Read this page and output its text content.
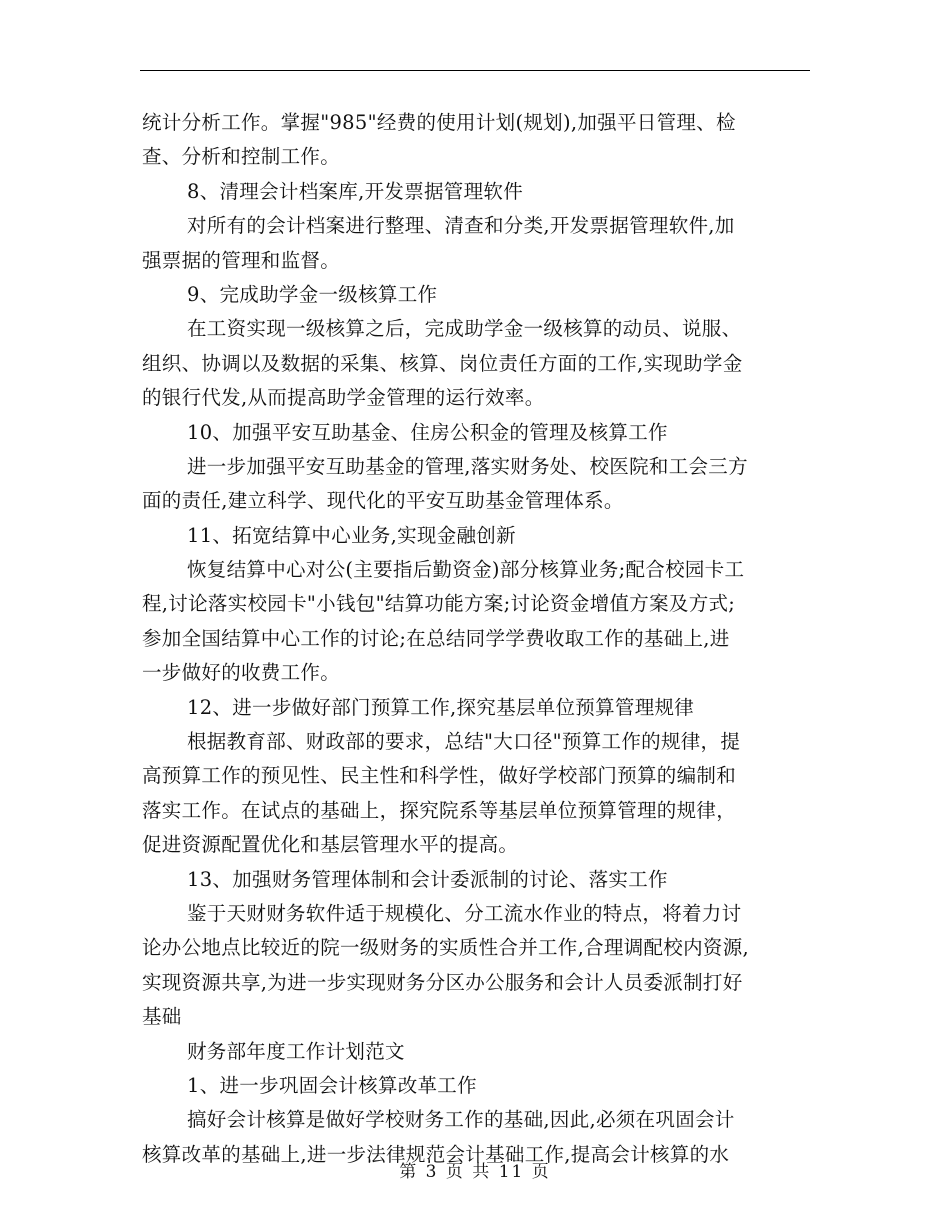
统计分析工作。掌握"985"经费的使用计划(规划),加强平日管理、检
查、分析和控制工作。
8、清理会计档案库,开发票据管理软件
对所有的会计档案进行整理、清查和分类,开发票据管理软件,加
强票据的管理和监督。
9、完成助学金一级核算工作
在工资实现一级核算之后，完成助学金一级核算的动员、说服、
组织、协调以及数据的采集、核算、岗位责任方面的工作,实现助学金
的银行代发,从而提高助学金管理的运行效率。
10、加强平安互助基金、住房公积金的管理及核算工作
进一步加强平安互助基金的管理,落实财务处、校医院和工会三方
面的责任,建立科学、现代化的平安互助基金管理体系。
11、拓宽结算中心业务,实现金融创新
恢复结算中心对公(主要指后勤资金)部分核算业务;配合校园卡工
程,讨论落实校园卡"小钱包"结算功能方案;讨论资金增值方案及方式;
参加全国结算中心工作的讨论;在总结同学学费收取工作的基础上,进
一步做好的收费工作。
12、进一步做好部门预算工作,探究基层单位预算管理规律
根据教育部、财政部的要求，总结"大口径"预算工作的规律，提
高预算工作的预见性、民主性和科学性，做好学校部门预算的编制和
落实工作。在试点的基础上，探究院系等基层单位预算管理的规律，
促进资源配置优化和基层管理水平的提高。
13、加强财务管理体制和会计委派制的讨论、落实工作
鉴于天财财务软件适于规模化、分工流水作业的特点，将着力讨
论办公地点比较近的院一级财务的实质性合并工作,合理调配校内资源,
实现资源共享,为进一步实现财务分区办公服务和会计人员委派制打好
基础
财务部年度工作计划范文
1、进一步巩固会计核算改革工作
搞好会计核算是做好学校财务工作的基础,因此,必须在巩固会计
核算改革的基础上,进一步法律规范会计基础工作,提高会计核算的水
第 3 页 共 11 页
